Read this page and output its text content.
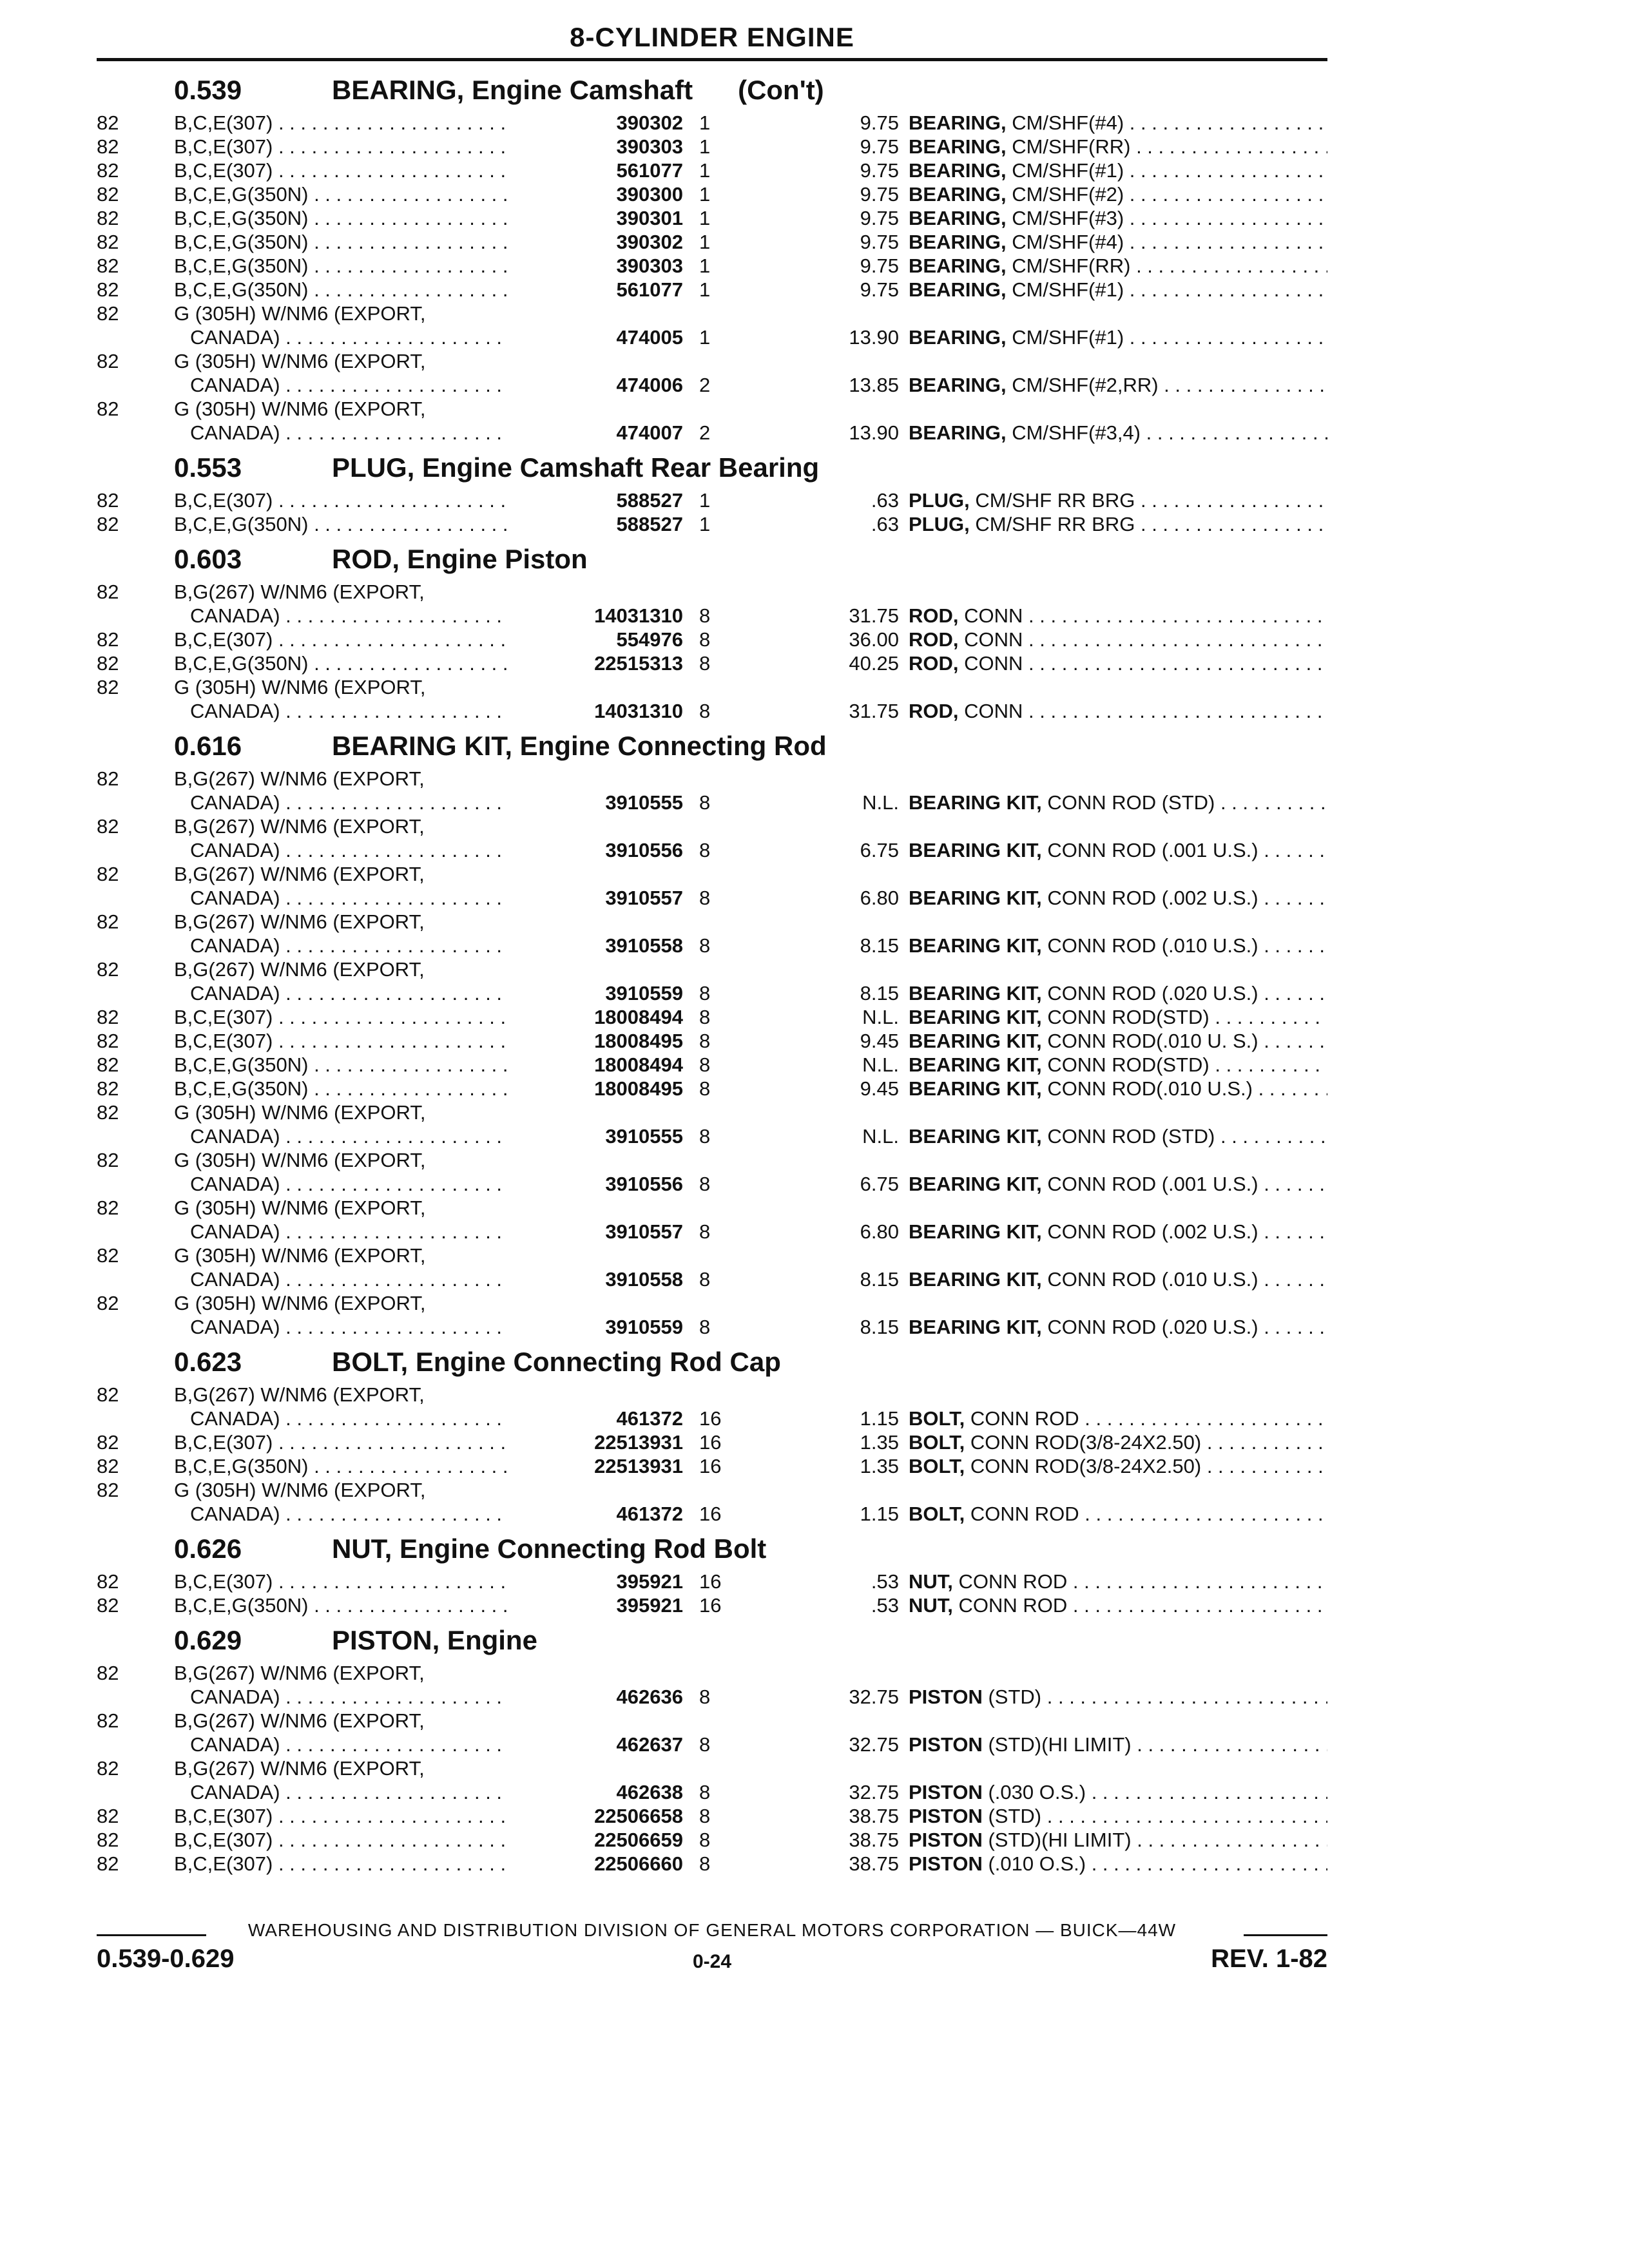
8-CYLINDER ENGINE
0.539	BEARING, Engine Camshaft      (Con't)
82	B,C,E(307) . . .	390302 1	9.75 BEARING, CM/SHF(#4) . . .
82	B,C,E(307) . . .	390303 1	9.75 BEARING, CM/SHF(RR) . . .
82	B,C,E(307) . . .	561077 1	9.75 BEARING, CM/SHF(#1) . . .
82	B,C,E,G(350N) . . .	390300 1	9.75 BEARING, CM/SHF(#2) . . .
82	B,C,E,G(350N) . . .	390301 1	9.75 BEARING, CM/SHF(#3) . . .
82	B,C,E,G(350N) . . .	390302 1	9.75 BEARING, CM/SHF(#4) . . .
82	B,C,E,G(350N) . . .	390303 1	9.75 BEARING, CM/SHF(RR) . . .
82	B,C,E,G(350N) . . .	561077 1	9.75 BEARING, CM/SHF(#1) . . .
82	G (305H) W/NM6 (EXPORT,
CANADA) . . .	474005 1	13.90 BEARING, CM/SHF(#1) . . .
82	G (305H) W/NM6 (EXPORT,
CANADA) . . .	474006 2	13.85 BEARING, CM/SHF(#2,RR) . . .
82	G (305H) W/NM6 (EXPORT,
CANADA) . . .	474007 2	13.90 BEARING, CM/SHF(#3,4) . . .
0.553	PLUG, Engine Camshaft Rear Bearing
82	B,C,E(307) . . .	588527 1	.63 PLUG, CM/SHF RR BRG . . .
82	B,C,E,G(350N) . . .	588527 1	.63 PLUG, CM/SHF RR BRG . . .
0.603	ROD, Engine Piston
82	B,G(267) W/NM6 (EXPORT,
CANADA) . . .	14031310 8	31.75 ROD, CONN . . .
82	B,C,E(307) . . .	554976 8	36.00 ROD, CONN . . .
82	B,C,E,G(350N) . . .	22515313 8	40.25 ROD, CONN . . .
82	G (305H) W/NM6 (EXPORT,
CANADA) . . .	14031310 8	31.75 ROD, CONN . . .
0.616	BEARING KIT, Engine Connecting Rod
82	B,G(267) W/NM6 (EXPORT,
CANADA) . . .	3910555 8	N.L. BEARING KIT, CONN ROD (STD) . . .
82	B,G(267) W/NM6 (EXPORT,
CANADA) . . .	3910556 8	6.75 BEARING KIT, CONN ROD (.001 U.S.) . . .
82	B,G(267) W/NM6 (EXPORT,
CANADA) . . .	3910557 8	6.80 BEARING KIT, CONN ROD (.002 U.S.) . . .
82	B,G(267) W/NM6 (EXPORT,
CANADA) . . .	3910558 8	8.15 BEARING KIT, CONN ROD (.010 U.S.) . . .
82	B,G(267) W/NM6 (EXPORT,
CANADA) . . .	3910559 8	8.15 BEARING KIT, CONN ROD (.020 U.S.) . . .
82	B,C,E(307) . . .	18008494 8	N.L. BEARING KIT, CONN ROD(STD) . . .
82	B,C,E(307) . . .	18008495 8	9.45 BEARING KIT, CONN ROD(.010 U. S.) . . .
82	B,C,E,G(350N) . . .	18008494 8	N.L. BEARING KIT, CONN ROD(STD) . . .
82	B,C,E,G(350N) . . .	18008495 8	9.45 BEARING KIT, CONN ROD(.010 U.S.) . . .
82	G (305H) W/NM6 (EXPORT,
CANADA) . . .	3910555 8	N.L. BEARING KIT, CONN ROD (STD) . . .
82	G (305H) W/NM6 (EXPORT,
CANADA) . . .	3910556 8	6.75 BEARING KIT, CONN ROD (.001 U.S.) . . .
82	G (305H) W/NM6 (EXPORT,
CANADA) . . .	3910557 8	6.80 BEARING KIT, CONN ROD (.002 U.S.) . . .
82	G (305H) W/NM6 (EXPORT,
CANADA) . . .	3910558 8	8.15 BEARING KIT, CONN ROD (.010 U.S.) . . .
82	G (305H) W/NM6 (EXPORT,
CANADA) . . .	3910559 8	8.15 BEARING KIT, CONN ROD (.020 U.S.) . . .
0.623	BOLT, Engine Connecting Rod Cap
82	B,G(267) W/NM6 (EXPORT,
CANADA) . . .	461372 16	1.15 BOLT, CONN ROD . . .
82	B,C,E(307) . . .	22513931 16	1.35 BOLT, CONN ROD(3/8-24X2.50) . . .
82	B,C,E,G(350N) . . .	22513931 16	1.35 BOLT, CONN ROD(3/8-24X2.50) . . .
82	G (305H) W/NM6 (EXPORT,
CANADA) . . .	461372 16	1.15 BOLT, CONN ROD . . .
0.626	NUT, Engine Connecting Rod Bolt
82	B,C,E(307) . . .	395921 16	.53 NUT, CONN ROD . . .
82	B,C,E,G(350N) . . .	395921 16	.53 NUT, CONN ROD . . .
0.629	PISTON, Engine
82	B,G(267) W/NM6 (EXPORT,
CANADA) . . .	462636 8	32.75 PISTON (STD) . . .
82	B,G(267) W/NM6 (EXPORT,
CANADA) . . .	462637 8	32.75 PISTON (STD)(HI LIMIT) . . .
82	B,G(267) W/NM6 (EXPORT,
CANADA) . . .	462638 8	32.75 PISTON (.030 O.S.) . . .
82	B,C,E(307) . . .	22506658 8	38.75 PISTON (STD) . . .
82	B,C,E(307) . . .	22506659 8	38.75 PISTON (STD)(HI LIMIT) . . .
82	B,C,E(307) . . .	22506660 8	38.75 PISTON (.010 O.S.) . . .
WAREHOUSING AND DISTRIBUTION DIVISION OF GENERAL MOTORS CORPORATION — BUICK—44W
0.539-0.629	0-24	REV. 1-82
